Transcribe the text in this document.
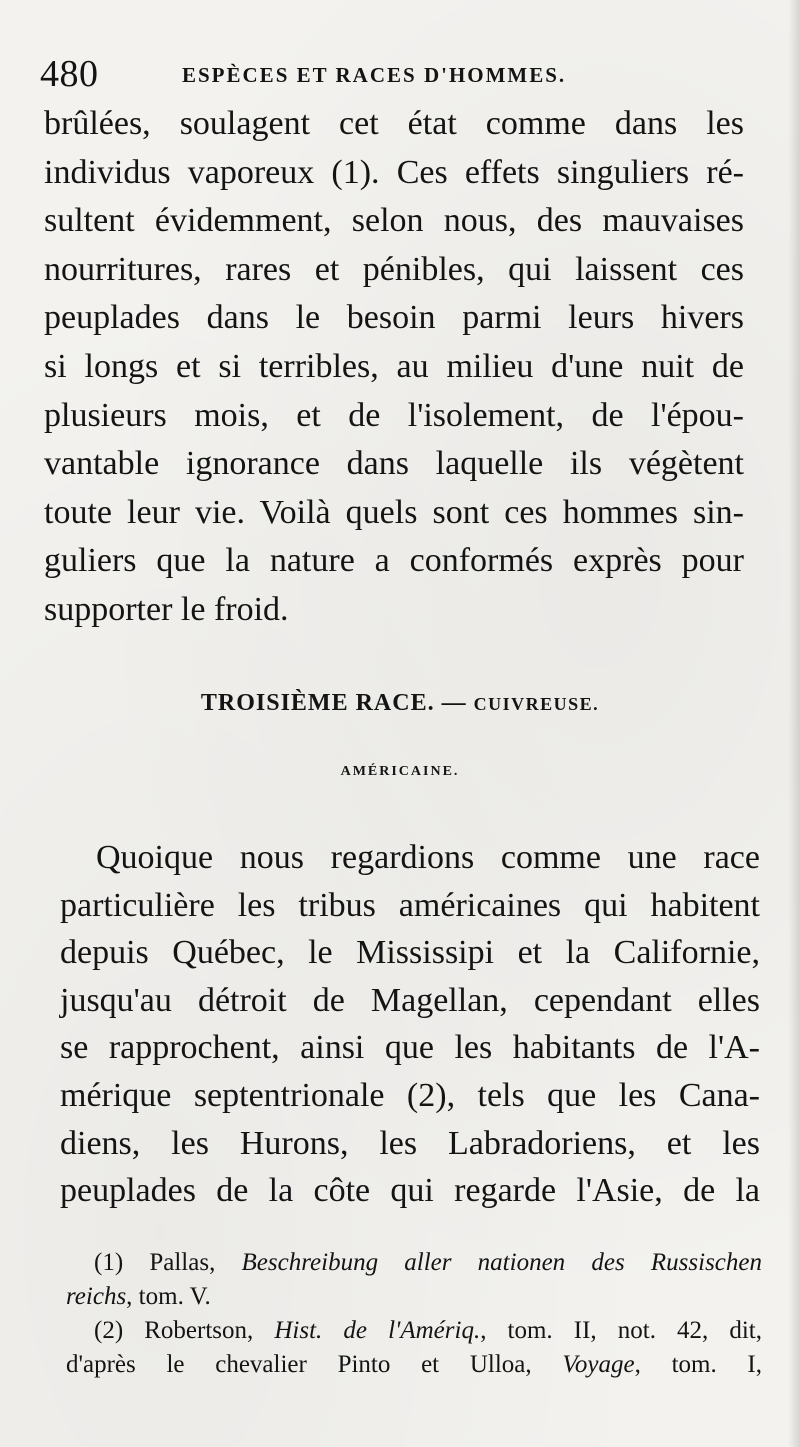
480	ESPÈCES ET RACES D'HOMMES.
brûlées, soulagent cet état comme dans les
individus vaporeux (1). Ces effets singuliers ré-
sultent évidemment, selon nous, des mauvaises
nourritures, rares et pénibles, qui laissent ces
peuplades dans le besoin parmi leurs hivers
si longs et si terribles, au milieu d'une nuit de
plusieurs mois, et de l'isolement, de l'épou-
vantable ignorance dans laquelle ils végètent
toute leur vie. Voilà quels sont ces hommes sin-
guliers que la nature a conformés exprès pour
supporter le froid.
TROISIÈME RACE. — CUIVREUSE.
AMÉRICAINE.
Quoique nous regardions comme une race
particulière les tribus américaines qui habitent
depuis Québec, le Mississipi et la Californie,
jusqu'au détroit de Magellan, cependant elles
se rapprochent, ainsi que les habitants de l'A-
mérique septentrionale (2), tels que les Cana-
diens, les Hurons, les Labradoriens, et les
peuplades de la côte qui regarde l'Asie, de la
(1) Pallas, Beschreibung aller nationen des Russischen
reichs, tom. V.
(2) Robertson, Hist. de l'Amériq., tom. II, not. 42, dit,
d'après le chevalier Pinto et Ulloa, Voyage, tom. I,
